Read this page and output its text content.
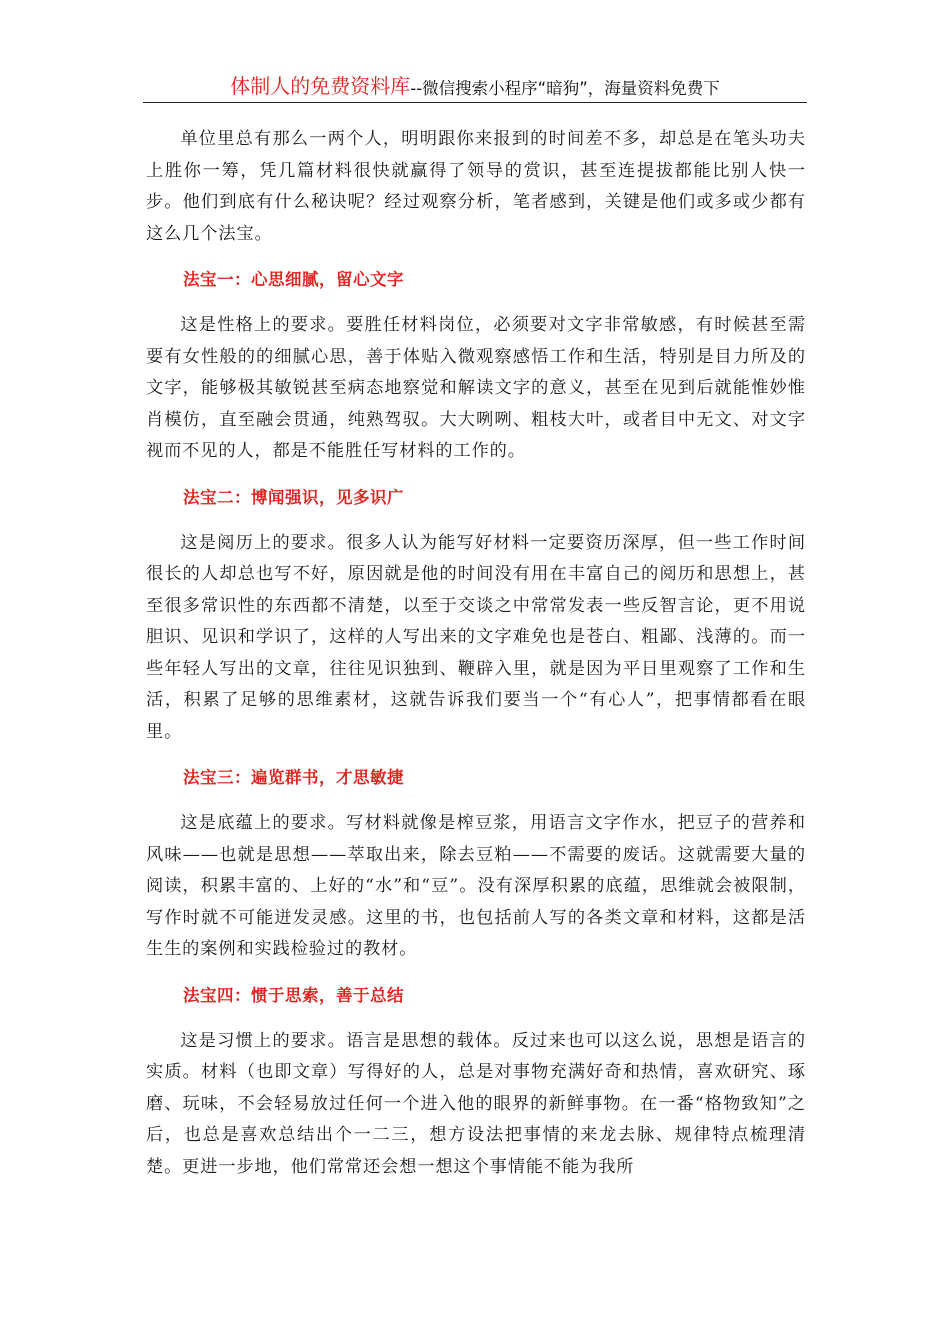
体制人的免费资料库--微信搜索小程序“暗狗”，海量资料免费下

单位里总有那么一两个人，明明跟你来报到的时间差不多，却总是在笔头功夫上胜你一筹，凭几篇材料很快就赢得了领导的赏识，甚至连提拔都能比别人快一步。他们到底有什么秘诀呢？经过观察分析，笔者感到，关键是他们或多或少都有这么几个法宝。

法宝一：心思细腻，留心文字

这是性格上的要求。要胜任材料岗位，必须要对文字非常敏感，有时候甚至需要有女性般的的细腻心思，善于体贴入微观察感悟工作和生活，特别是目力所及的文字，能够极其敏锐甚至病态地察觉和解读文字的意义，甚至在见到后就能惟妙惟肖模仿，直至融会贯通，纯熟驾驭。大大咧咧、粗枝大叶，或者目中无文、对文字视而不见的人，都是不能胜任写材料的工作的。

法宝二：博闻强识，见多识广

这是阅历上的要求。很多人认为能写好材料一定要资历深厚，但一些工作时间很长的人却总也写不好，原因就是他的时间没有用在丰富自己的阅历和思想上，甚至很多常识性的东西都不清楚，以至于交谈之中常常发表一些反智言论，更不用说胆识、见识和学识了，这样的人写出来的文字难免也是苍白、粗鄙、浅薄的。而一些年轻人写出的文章，往往见识独到、鞭辟入里，就是因为平日里观察了工作和生活，积累了足够的思维素材，这就告诉我们要当一个“有心人”，把事情都看在眼里。

法宝三：遍览群书，才思敏捷

这是底蕴上的要求。写材料就像是榨豆浆，用语言文字作水，把豆子的营养和风味——也就是思想——萃取出来，除去豆粕——不需要的废话。这就需要大量的阅读，积累丰富的、上好的“水”和“豆”。没有深厚积累的底蕴，思维就会被限制，写作时就不可能迸发灵感。这里的书，也包括前人写的各类文章和材料，这都是活生生的案例和实践检验过的教材。

法宝四：惯于思索，善于总结

这是习惯上的要求。语言是思想的载体。反过来也可以这么说，思想是语言的实质。材料（也即文章）写得好的人，总是对事物充满好奇和热情，喜欢研究、琢磨、玩味，不会轻易放过任何一个进入他的眼界的新鲜事物。在一番“格物致知”之后，也总是喜欢总结出个一二三，想方设法把事情的来龙去脉、规律特点梳理清楚。更进一步地，他们常常还会想一想这个事情能不能为我所
